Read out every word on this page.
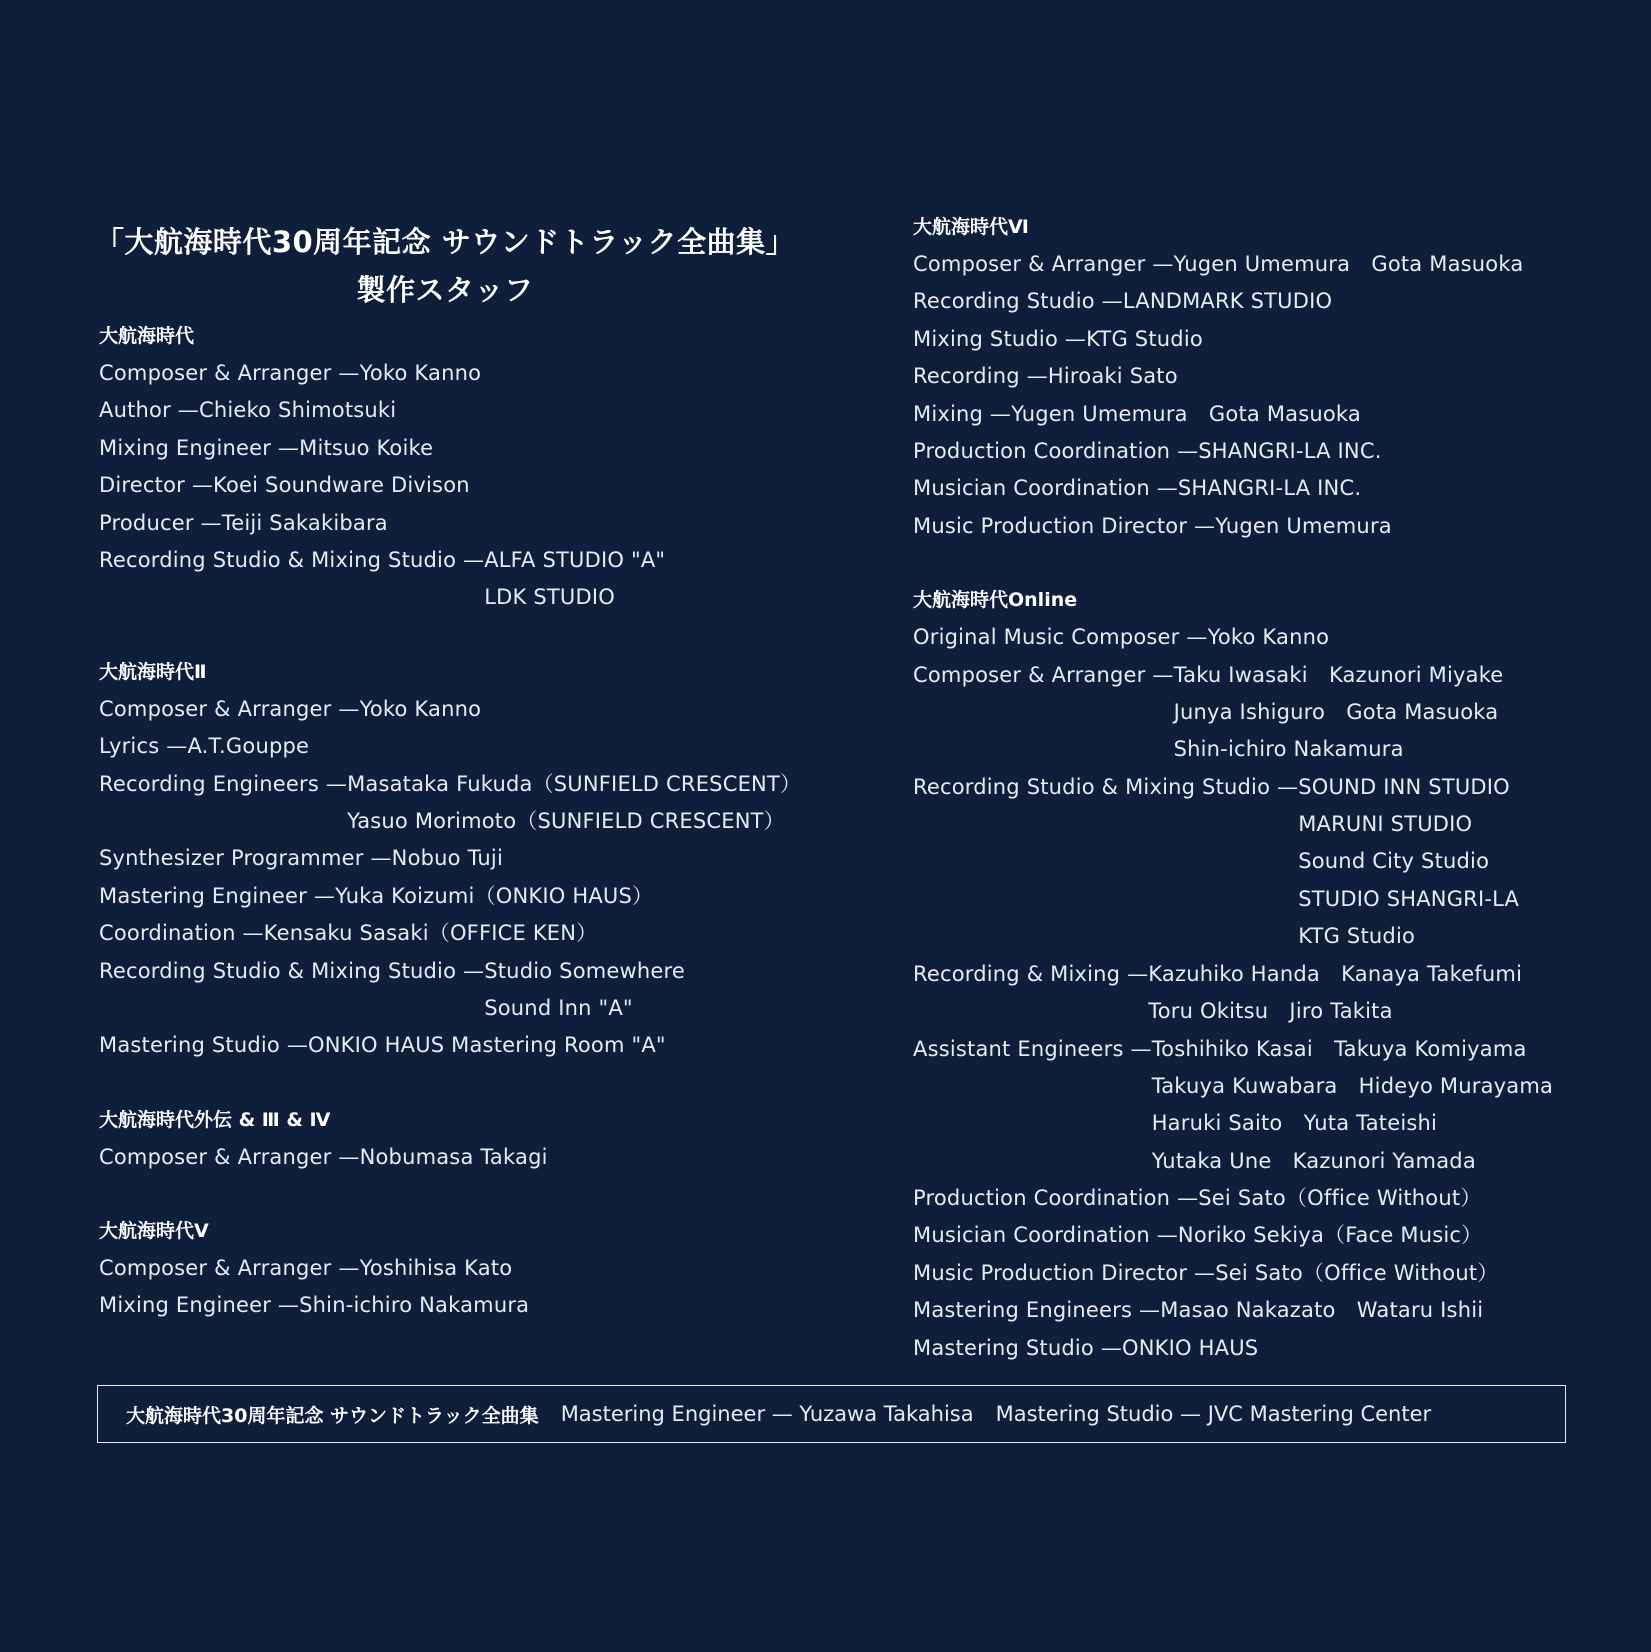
「大航海時代30周年記念 サウンドトラック全曲集」
製作スタッフ
大航海時代
Composer & Arranger — Yoko Kanno
Author — Chieko Shimotsuki
Mixing Engineer — Mitsuo Koike
Director — Koei Soundware Divison
Producer — Teiji Sakakibara
Recording Studio & Mixing Studio — ALFA STUDIO "A"
LDK STUDIO
大航海時代Ⅱ
Composer & Arranger — Yoko Kanno
Lyrics — A.T.Gouppe
Recording Engineers — Masataka Fukuda（SUNFIELD CRESCENT）
Yasuo Morimoto（SUNFIELD CRESCENT）
Synthesizer Programmer — Nobuo Tuji
Mastering Engineer — Yuka Koizumi（ONKIO HAUS）
Coordination — Kensaku Sasaki（OFFICE KEN）
Recording Studio & Mixing Studio — Studio Somewhere
Sound Inn "A"
Mastering Studio — ONKIO HAUS Mastering Room "A"
大航海時代外伝 & Ⅲ & Ⅳ
Composer & Arranger — Nobumasa Takagi
大航海時代Ⅴ
Composer & Arranger — Yoshihisa Kato
Mixing Engineer — Shin-ichiro Nakamura
大航海時代Ⅵ
Composer & Arranger — Yugen Umemura　Gota Masuoka
Recording Studio — LANDMARK STUDIO
Mixing Studio — KTG Studio
Recording — Hiroaki Sato
Mixing — Yugen Umemura　Gota Masuoka
Production Coordination — SHANGRI-LA INC.
Musician Coordination — SHANGRI-LA INC.
Music Production Director — Yugen Umemura
大航海時代Online
Original Music Composer — Yoko Kanno
Composer & Arranger — Taku Iwasaki　Kazunori Miyake
Junya Ishiguro　Gota Masuoka
Shin-ichiro Nakamura
Recording Studio & Mixing Studio — SOUND INN STUDIO
MARUNI STUDIO
Sound City Studio
STUDIO SHANGRI-LA
KTG Studio
Recording & Mixing — Kazuhiko Handa　Kanaya Takefumi
Toru Okitsu　Jiro Takita
Assistant Engineers — Toshihiko Kasai　Takuya Komiyama
Takuya Kuwabara　Hideyo Murayama
Haruki Saito　Yuta Tateishi
Yutaka Une　Kazunori Yamada
Production Coordination — Sei Sato（Office Without）
Musician Coordination — Noriko Sekiya（Face Music）
Music Production Director — Sei Sato（Office Without）
Mastering Engineers — Masao Nakazato　Wataru Ishii
Mastering Studio — ONKIO HAUS
大航海時代30周年記念 サウンドトラック全曲集 Mastering Engineer — Yuzawa Takahisa Mastering Studio — JVC Mastering Center
